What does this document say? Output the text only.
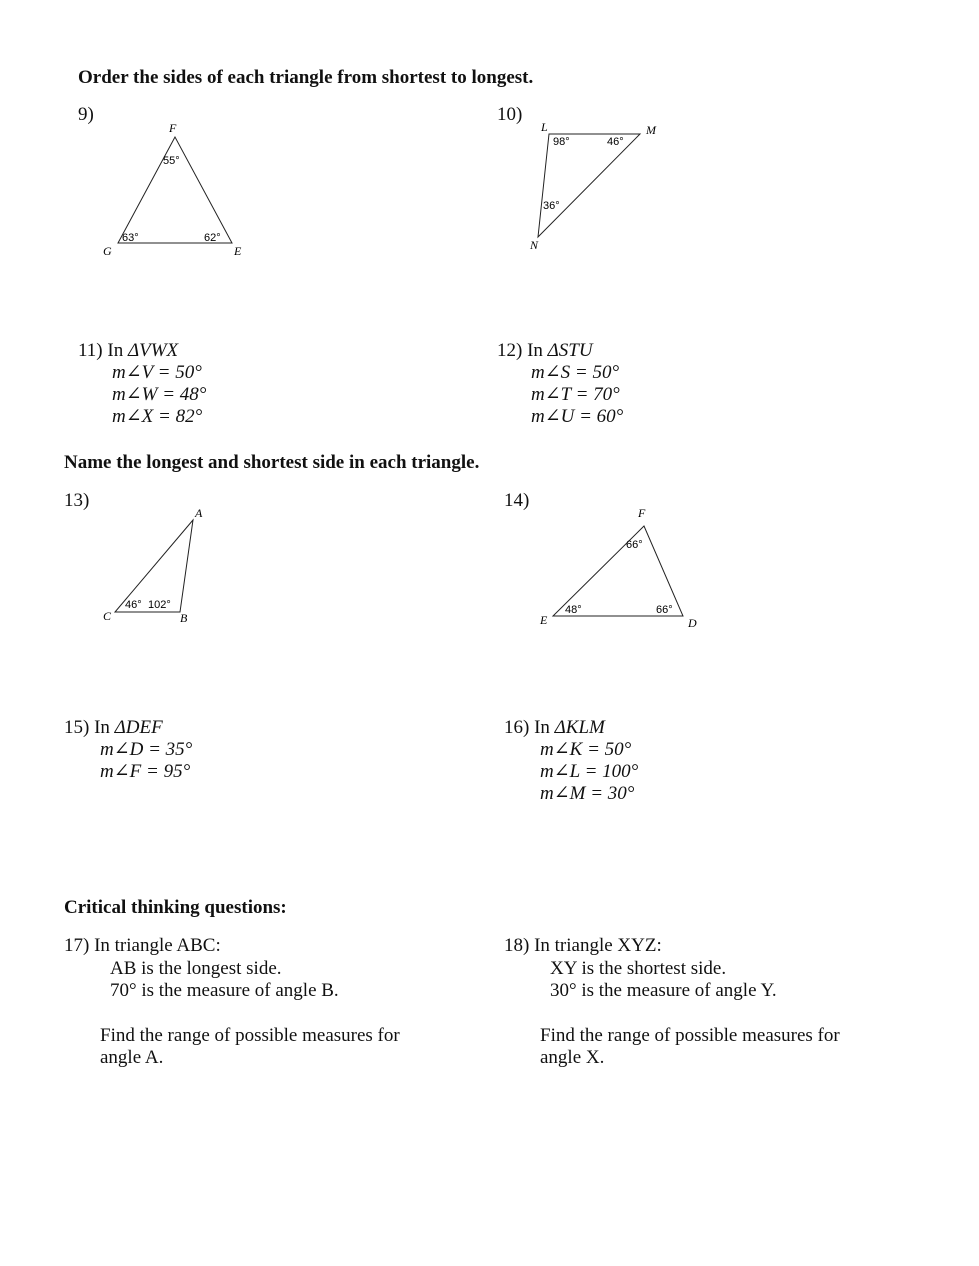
Order the sides of each triangle from shortest to longest.
9)
F
G	E
55°
63°	62°
10)
L	M
N
98°	46°
36°
11) In ΔVWX
m∠V = 50°
m∠W = 48°
m∠X = 82°
12) In ΔSTU
m∠S = 50°
m∠T = 70°
m∠U = 60°
Name the longest and shortest side in each triangle.
13)
A
C	B
46° 102°
14)
F
E	D
66°
48°	66°
15) In ΔDEF
m∠D = 35°
m∠F = 95°
16) In ΔKLM
m∠K = 50°
m∠L = 100°
m∠M = 30°
Critical thinking questions:
17) In triangle ABC:
AB is the longest side.
70° is the measure of angle B.
Find the range of possible measures for
angle A.
18) In triangle XYZ:
XY is the shortest side.
30° is the measure of angle Y.
Find the range of possible measures for
angle X.
